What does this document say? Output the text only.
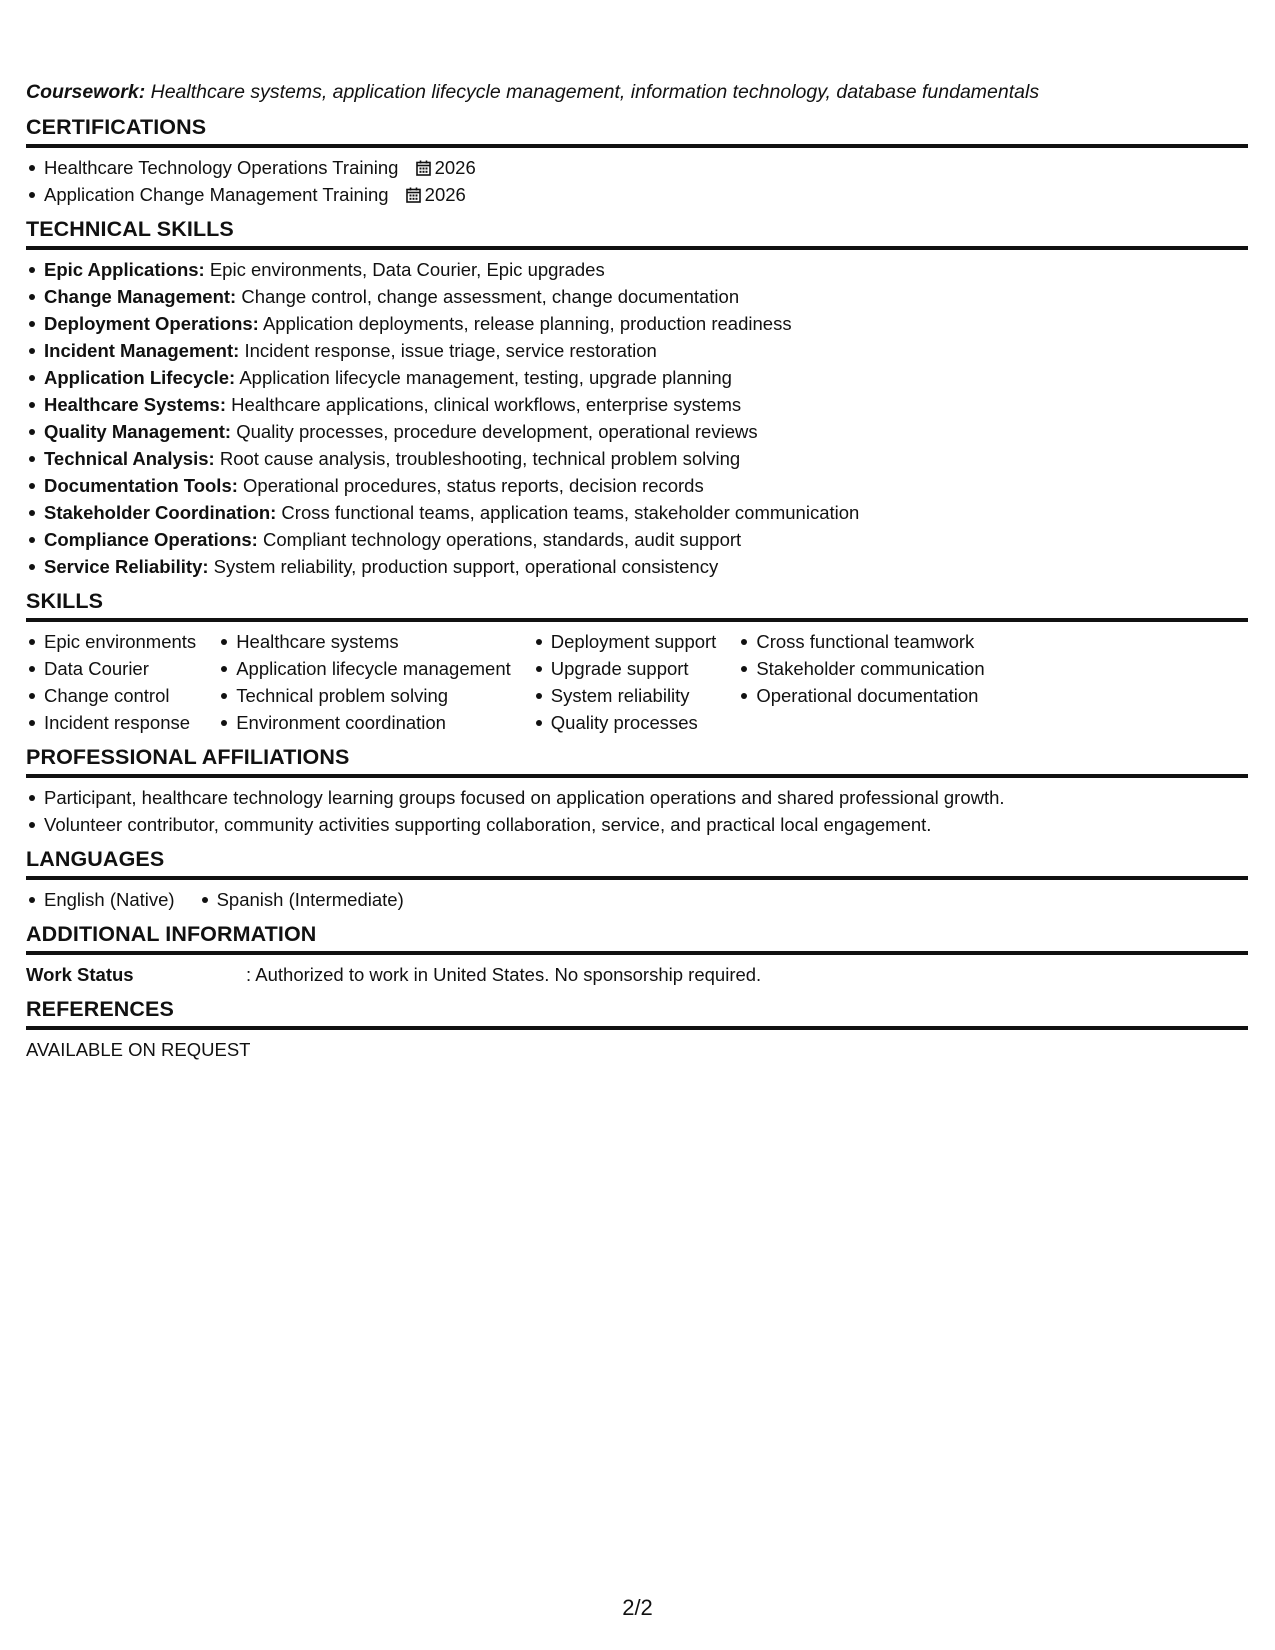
Coursework: Healthcare systems, application lifecycle management, information technology, database fundamentals

CERTIFICATIONS
Healthcare Technology Operations Training 2026
Application Change Management Training 2026
TECHNICAL SKILLS
Epic Applications: Epic environments, Data Courier, Epic upgrades
Change Management: Change control, change assessment, change documentation
Deployment Operations: Application deployments, release planning, production readiness
Incident Management: Incident response, issue triage, service restoration
Application Lifecycle: Application lifecycle management, testing, upgrade planning
Healthcare Systems: Healthcare applications, clinical workflows, enterprise systems
Quality Management: Quality processes, procedure development, operational reviews
Technical Analysis: Root cause analysis, troubleshooting, technical problem solving
Documentation Tools: Operational procedures, status reports, decision records
Stakeholder Coordination: Cross functional teams, application teams, stakeholder communication
Compliance Operations: Compliant technology operations, standards, audit support
Service Reliability: System reliability, production support, operational consistency
SKILLS
Epic environments
Data Courier
Change control
Incident response
Healthcare systems
Application lifecycle management
Technical problem solving
Environment coordination
Deployment support
Upgrade support
System reliability
Quality processes
Cross functional teamwork
Stakeholder communication
Operational documentation
PROFESSIONAL AFFILIATIONS
Participant, healthcare technology learning groups focused on application operations and shared professional growth.
Volunteer contributor, community activities supporting collaboration, service, and practical local engagement.
LANGUAGES
English (Native)	Spanish (Intermediate)
ADDITIONAL INFORMATION
Work Status	: Authorized to work in United States. No sponsorship required.
REFERENCES
AVAILABLE ON REQUEST
2/2
